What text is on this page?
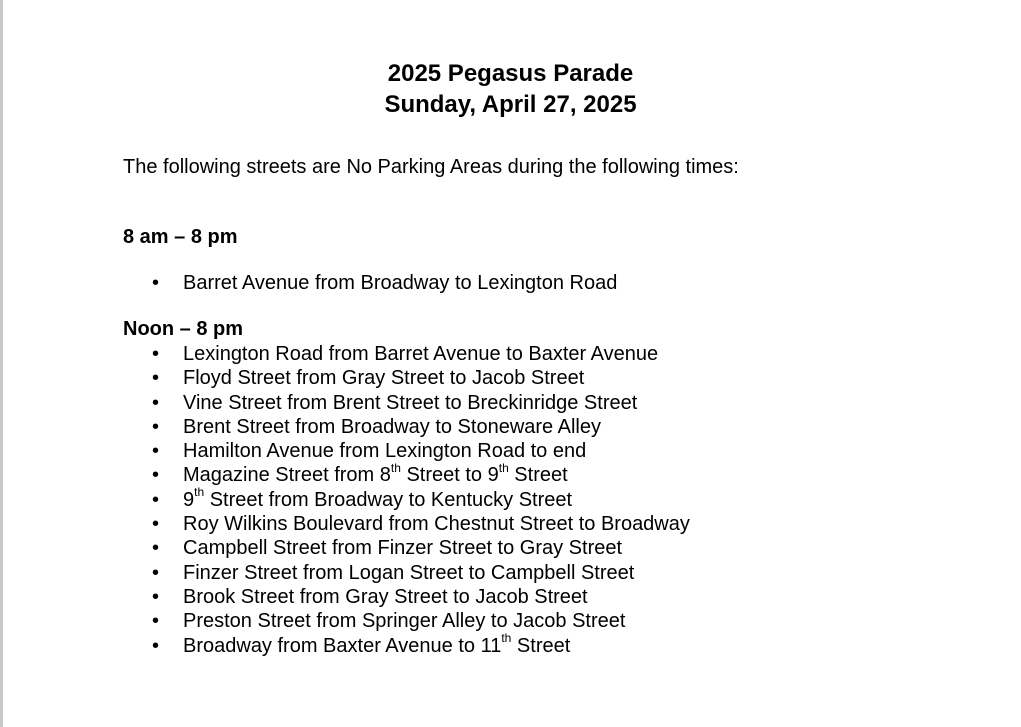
2025 Pegasus Parade
Sunday, April 27, 2025

The following streets are No Parking Areas during the following times:

8 am – 8 pm

• Barret Avenue from Broadway to Lexington Road

Noon – 8 pm

• Lexington Road from Barret Avenue to Baxter Avenue
• Floyd Street from Gray Street to Jacob Street
• Vine Street from Brent Street to Breckinridge Street
• Brent Street from Broadway to Stoneware Alley
• Hamilton Avenue from Lexington Road to end
• Magazine Street from 8th Street to 9th Street
• 9th Street from Broadway to Kentucky Street
• Roy Wilkins Boulevard from Chestnut Street to Broadway
• Campbell Street from Finzer Street to Gray Street
• Finzer Street from Logan Street to Campbell Street
• Brook Street from Gray Street to Jacob Street
• Preston Street from Springer Alley to Jacob Street
• Broadway from Baxter Avenue to 11th Street
